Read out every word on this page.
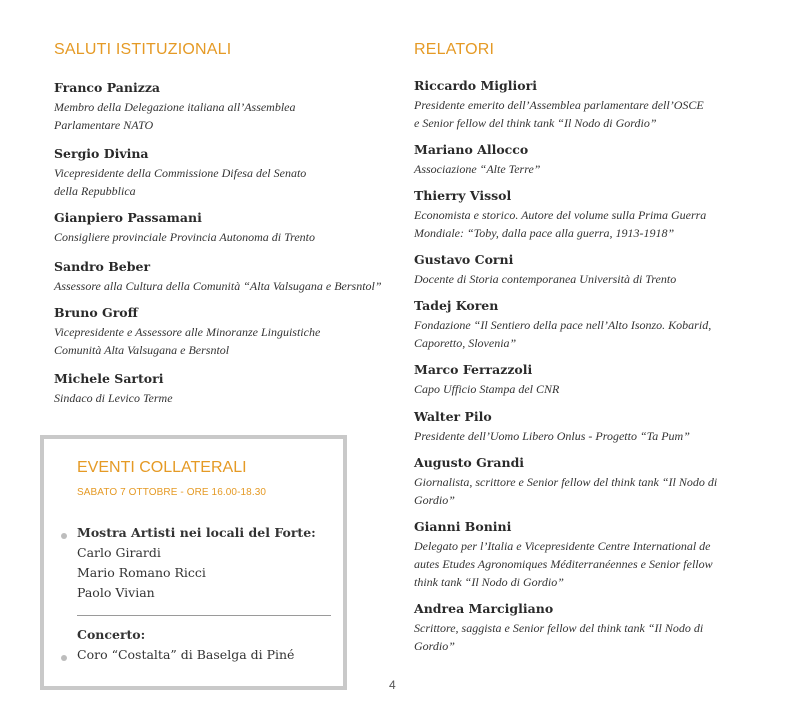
SALUTI ISTITUZIONALI
Franco Panizza
Membro della Delegazione italiana all’Assemblea
Parlamentare NATO
Sergio Divina
Vicepresidente della Commissione Difesa del Senato
della Repubblica
Gianpiero Passamani
Consigliere provinciale Provincia Autonoma di Trento
Sandro Beber
Assessore alla Cultura della Comunità “Alta Valsugana e Bersntol”
Bruno Groff
Vicepresidente e Assessore alle Minoranze Linguistiche
Comunità Alta Valsugana e Bersntol
Michele Sartori
Sindaco di Levico Terme
RELATORI
Riccardo Migliori
Presidente emerito dell’Assemblea parlamentare dell’OSCE
e Senior fellow del think tank “Il Nodo di Gordio”
Mariano Allocco
Associazione “Alte Terre”
Thierry Vissol
Economista e storico. Autore del volume sulla Prima Guerra
Mondiale: “Toby, dalla pace alla guerra, 1913-1918”
Gustavo Corni
Docente di Storia contemporanea Università di Trento
Tadej Koren
Fondazione “Il Sentiero della pace nell’Alto Isonzo. Kobarid,
Caporetto, Slovenia”
Marco Ferrazzoli
Capo Ufficio Stampa del CNR
Walter Pilo
Presidente dell’Uomo Libero Onlus - Progetto “Ta Pum”
Augusto Grandi
Giornalista, scrittore e Senior fellow del think tank “Il Nodo di
Gordio”
Gianni Bonini
Delegato per l’Italia e Vicepresidente Centre International de
autes Etudes Agronomiques Méditerranéennes e Senior fellow
think tank “Il Nodo di Gordio”
Andrea Marcigliano
Scrittore, saggista e Senior fellow del think tank “Il Nodo di
Gordio”
EVENTI COLLATERALI
SABATO 7 OTTOBRE - ORE 16.00-18.30
Mostra Artisti nei locali del Forte:
Carlo Girardi
Mario Romano Ricci
Paolo Vivian
Concerto:
Coro “Costalta” di Baselga di Piné
4
